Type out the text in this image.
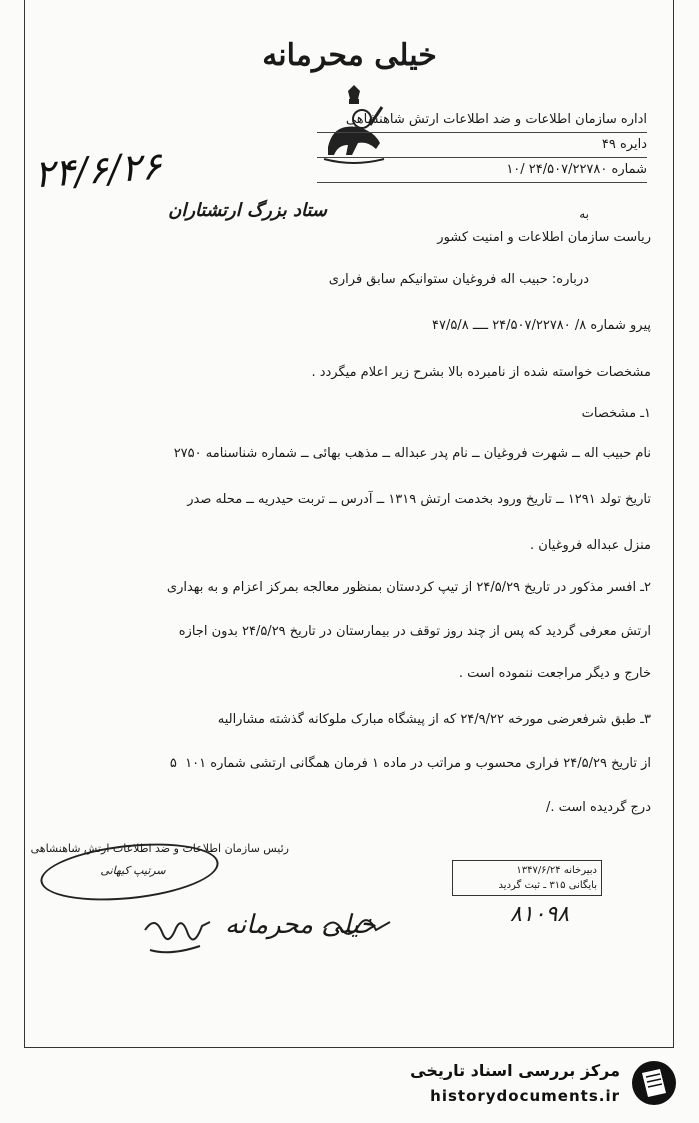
خیلی محرمانه
اداره سازمان اطلاعات و ضد اطلاعات ارتش شاهنشاهی
دایره ۴۹
شماره ۲۴/۵۰۷/۲۲۷۸۰ /۱۰
۲۴/۶/۲۶
ستاد بزرگ ارتشتاران	به
ریاست سازمان اطلاعات و امنیت کشور
درباره: حبیب اله فروغیان ستوانیکم سابق فراری
پیرو شماره ۸/ ۲۴/۵۰۷/۲۲۷۸۰ ــــ ۴۷/۵/۸
مشخصات خواسته شده از نامبرده بالا بشرح زیر اعلام میگردد .
۱ـ مشخصات
نام حبیب اله ــ شهرت فروغیان ــ نام پدر عبداله ــ مذهب بهائی ــ شماره شناسنامه ۲۷۵۰
تاریخ تولد ۱۲۹۱ ــ تاریخ ورود بخدمت ارتش ۱۳۱۹ ــ آدرس ــ تربت حیدریه ــ محله صدر
منزل عبداله فروغیان .
۲ـ افسر مذکور در تاریخ ۲۴/۵/۲۹ از تیپ کردستان بمنظور معالجه بمرکز اعزام و به بهداری
ارتش معرفی گردید که پس از چند روز توقف در بیمارستان در تاریخ ۲۴/۵/۲۹ بدون اجازه
خارج و دیگر مراجعت ننموده است .
۳ـ طبق شرفعرضی مورخه ۲۴/۹/۲۲ که از پیشگاه مبارک ملوکانه گذشته مشارالیه
از تاریخ ۲۴/۵/۲۹ فراری محسوب و مراتب در ماده ۱ فرمان همگانی ارتشی شماره ۱۰۱  ۵
درج گردیده است ./
رئیس سازمان اطلاعات و ضد اطلاعات ارتش شاهنشاهی
سرتیپ کیهانی	دبیرخانه ۱۳۴۷/۶/۲۴
بایگانی ۳۱۵ ـ ثبت گردید
۸۱۰۹۸
خیلی محرمانه
مرکز بررسی اسناد تاریخی
historydocuments.ir
